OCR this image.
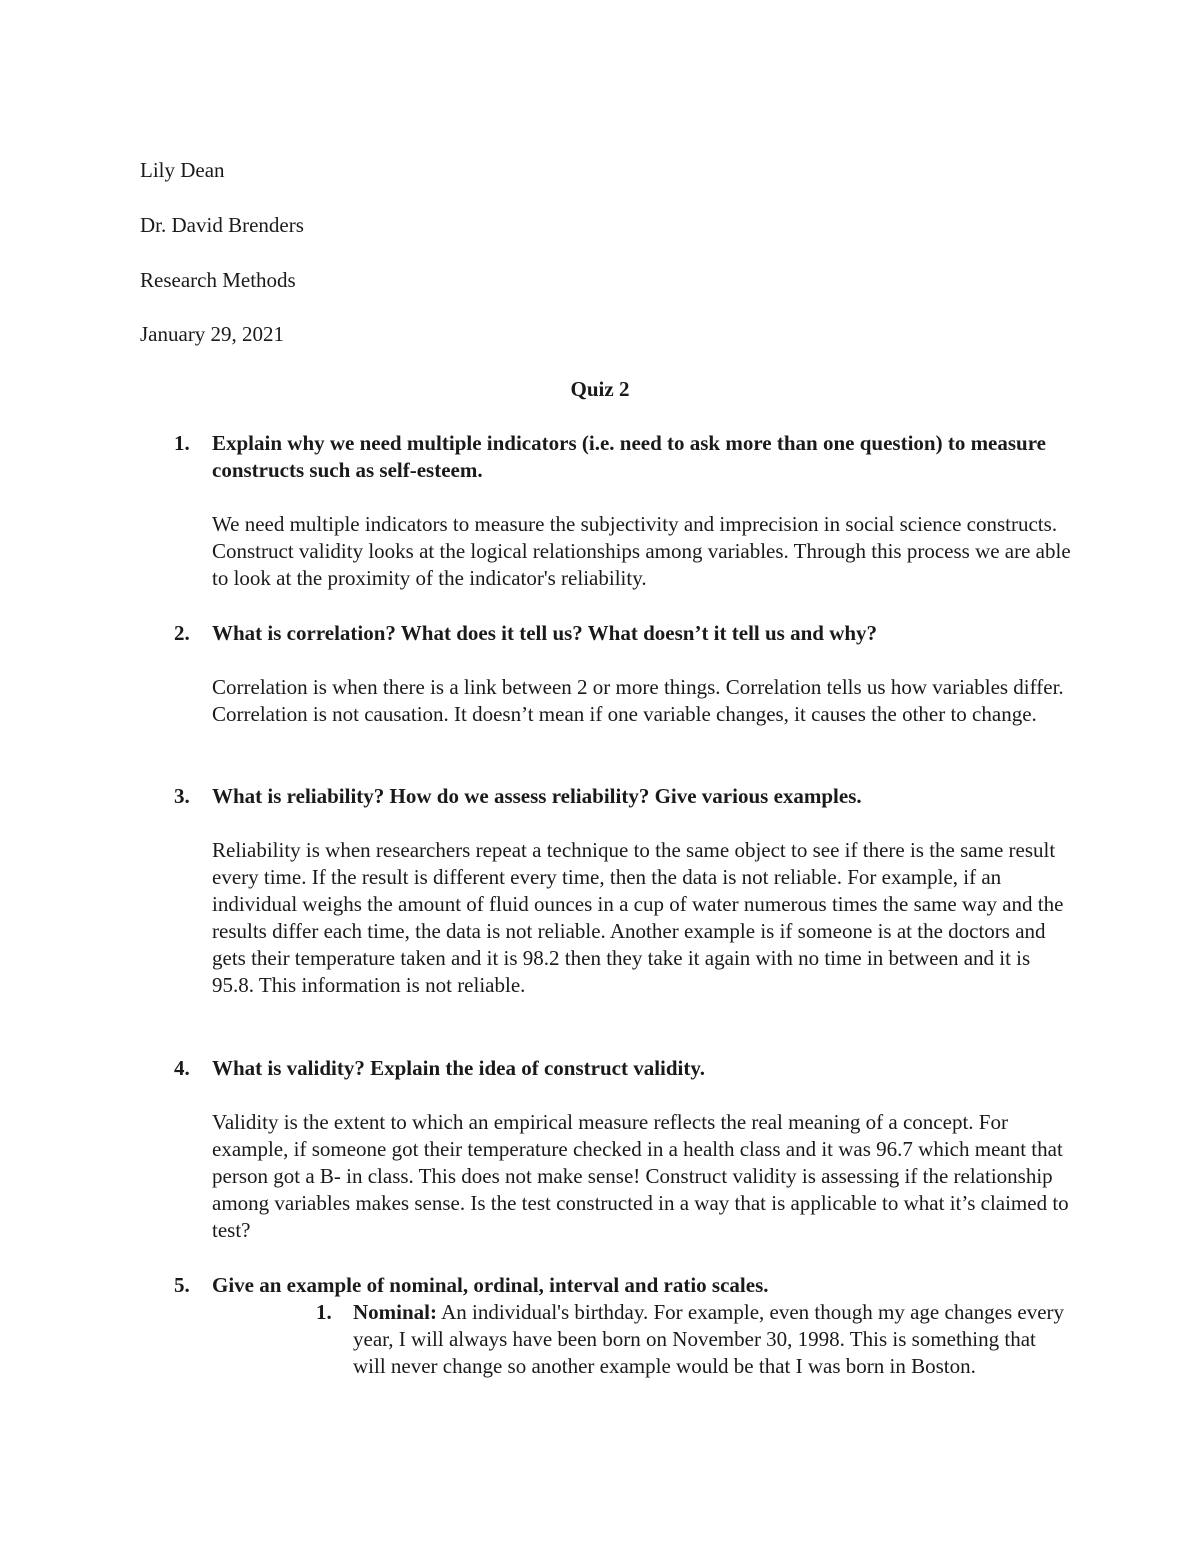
Lily Dean

Dr. David Brenders

Research Methods

January 29, 2021

Quiz 2

1. Explain why we need multiple indicators (i.e. need to ask more than one question) to measure constructs such as self-esteem.

We need multiple indicators to measure the subjectivity and imprecision in social science constructs. Construct validity looks at the logical relationships among variables. Through this process we are able to look at the proximity of the indicator's reliability.

2. What is correlation? What does it tell us? What doesn’t it tell us and why?

Correlation is when there is a link between 2 or more things. Correlation tells us how variables differ. Correlation is not causation. It doesn’t mean if one variable changes, it causes the other to change.

3. What is reliability? How do we assess reliability? Give various examples.

Reliability is when researchers repeat a technique to the same object to see if there is the same result every time. If the result is different every time, then the data is not reliable. For example, if an individual weighs the amount of fluid ounces in a cup of water numerous times the same way and the results differ each time, the data is not reliable. Another example is if someone is at the doctors and gets their temperature taken and it is 98.2 then they take it again with no time in between and it is 95.8. This information is not reliable.

4. What is validity? Explain the idea of construct validity.

Validity is the extent to which an empirical measure reflects the real meaning of a concept. For example, if someone got their temperature checked in a health class and it was 96.7 which meant that person got a B- in class. This does not make sense! Construct validity is assessing if the relationship among variables makes sense. Is the test constructed in a way that is applicable to what it’s claimed to test?

5. Give an example of nominal, ordinal, interval and ratio scales.

1. Nominal: An individual's birthday. For example, even though my age changes every year, I will always have been born on November 30, 1998. This is something that will never change so another example would be that I was born in Boston.
